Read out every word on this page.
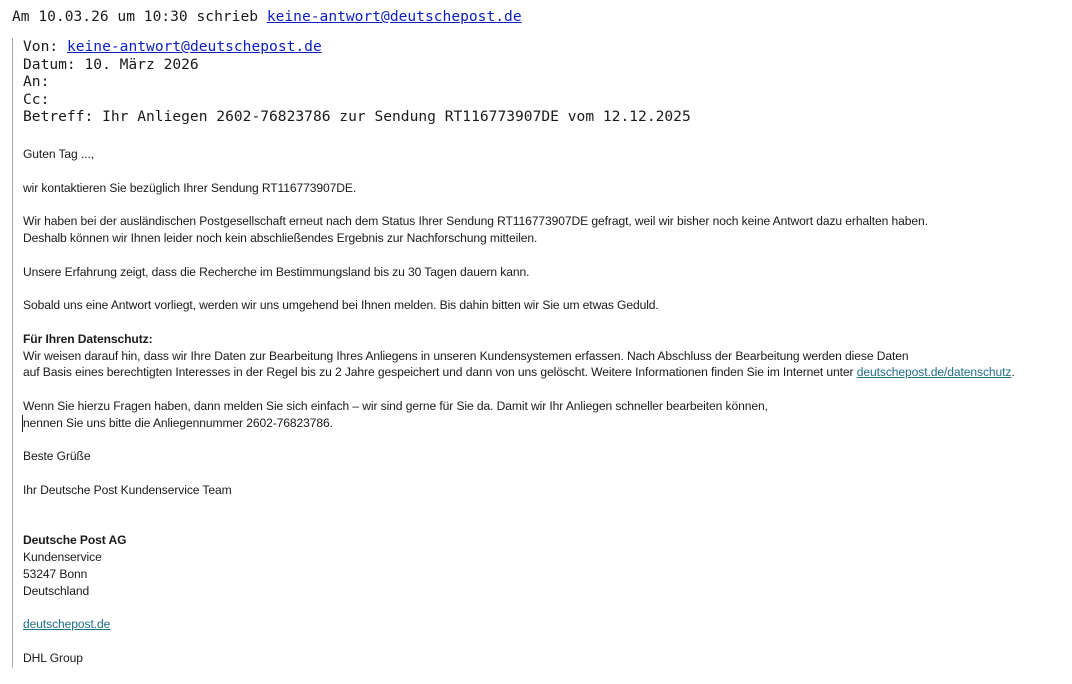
Am 10.03.26 um 10:30 schrieb keine-antwort@deutschepost.de
Von: keine-antwort@deutschepost.de
Datum: 10. März 2026
An:
Cc:
Betreff: Ihr Anliegen 2602-76823786 zur Sendung RT116773907DE vom 12.12.2025

Guten Tag ...,

wir kontaktieren Sie bezüglich Ihrer Sendung RT116773907DE.

Wir haben bei der ausländischen Postgesellschaft erneut nach dem Status Ihrer Sendung RT116773907DE gefragt, weil wir bisher noch keine Antwort dazu erhalten haben.
Deshalb können wir Ihnen leider noch kein abschließendes Ergebnis zur Nachforschung mitteilen.

Unsere Erfahrung zeigt, dass die Recherche im Bestimmungsland bis zu 30 Tagen dauern kann.

Sobald uns eine Antwort vorliegt, werden wir uns umgehend bei Ihnen melden. Bis dahin bitten wir Sie um etwas Geduld.

Für Ihren Datenschutz:
Wir weisen darauf hin, dass wir Ihre Daten zur Bearbeitung Ihres Anliegens in unseren Kundensystemen erfassen. Nach Abschluss der Bearbeitung werden diese Daten
auf Basis eines berechtigten Interesses in der Regel bis zu 2 Jahre gespeichert und dann von uns gelöscht. Weitere Informationen finden Sie im Internet unter deutschepost.de/datenschutz.

Wenn Sie hierzu Fragen haben, dann melden Sie sich einfach – wir sind gerne für Sie da. Damit wir Ihr Anliegen schneller bearbeiten können,
nennen Sie uns bitte die Anliegennummer 2602-76823786.

Beste Grüße

Ihr Deutsche Post Kundenservice Team

Deutsche Post AG
Kundenservice
53247 Bonn
Deutschland

deutschepost.de

DHL Group
